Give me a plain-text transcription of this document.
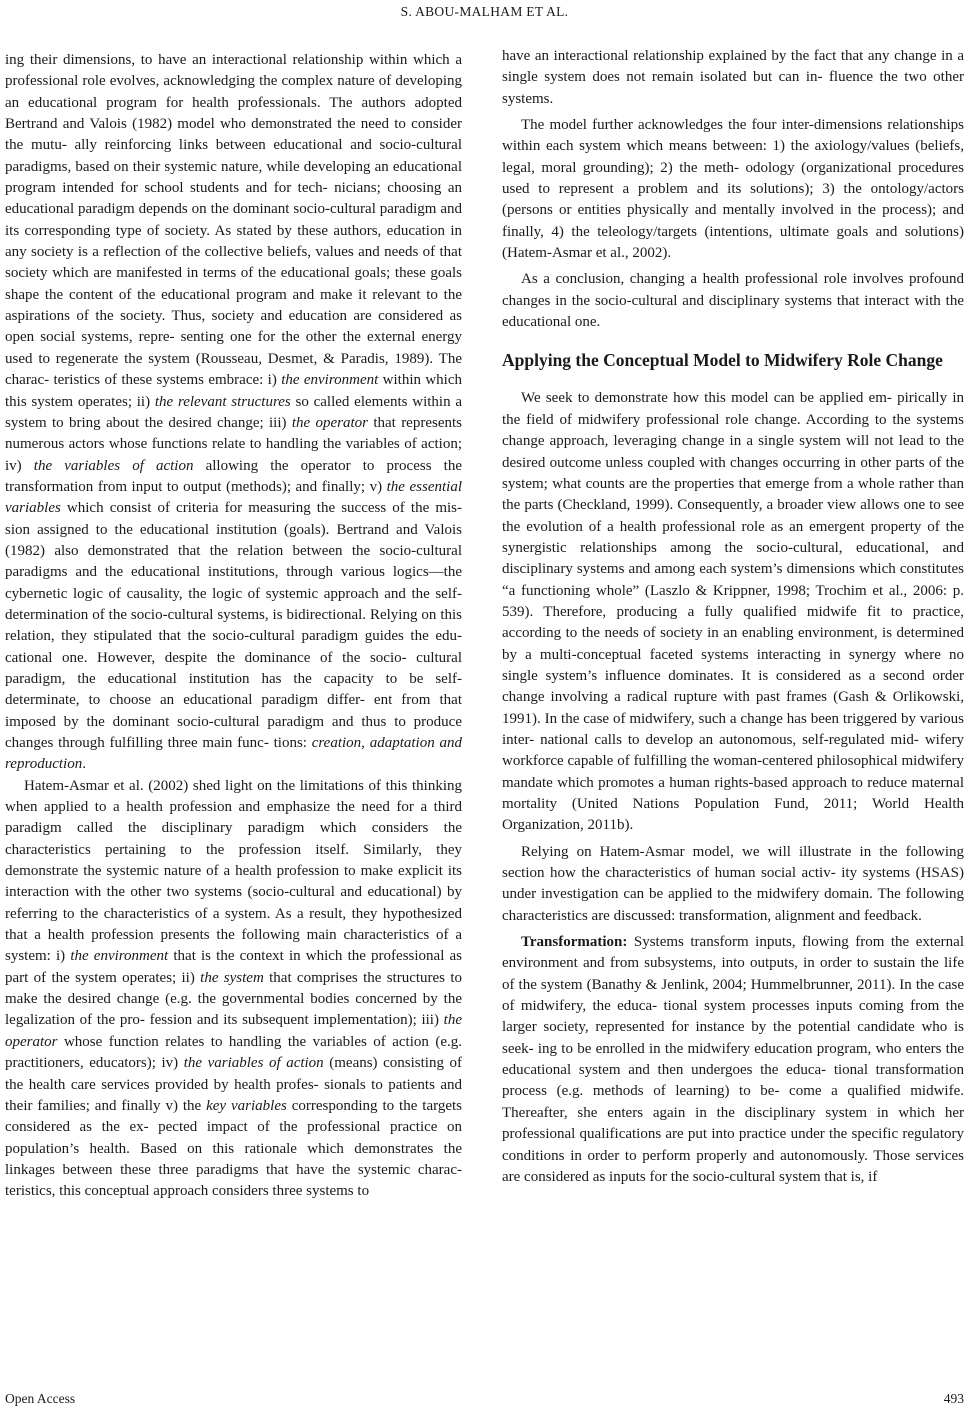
S. ABOU-MALHAM ET AL.

ing their dimensions, to have an interactional relationship within which a professional role evolves, acknowledging the complex nature of developing an educational program for health professionals. The authors adopted Bertrand and Valois (1982) model who demonstrated the need to consider the mutu- ally reinforcing links between educational and socio-cultural paradigms, based on their systemic nature, while developing an educational program intended for school students and for tech- nicians; choosing an educational paradigm depends on the dominant socio-cultural paradigm and its corresponding type of society. As stated by these authors, education in any society is a reflection of the collective beliefs, values and needs of that society which are manifested in terms of the educational goals; these goals shape the content of the educational program and make it relevant to the aspirations of the society. Thus, society and education are considered as open social systems, repre- senting one for the other the external energy used to regenerate the system (Rousseau, Desmet, & Paradis, 1989). The charac- teristics of these systems embrace: i) the environment within which this system operates; ii) the relevant structures so called elements within a system to bring about the desired change; iii) the operator that represents numerous actors whose functions relate to handling the variables of action; iv) the variables of action allowing the operator to process the transformation from input to output (methods); and finally; v) the essential variables which consist of criteria for measuring the success of the mis- sion assigned to the educational institution (goals). Bertrand and Valois (1982) also demonstrated that the relation between the socio-cultural paradigms and the educational institutions, through various logics—the cybernetic logic of causality, the logic of systemic approach and the self-determination of the socio-cultural systems, is bidirectional. Relying on this relation, they stipulated that the socio-cultural paradigm guides the edu- cational one. However, despite the dominance of the socio- cultural paradigm, the educational institution has the capacity to be self-determinate, to choose an educational paradigm differ- ent from that imposed by the dominant socio-cultural paradigm and thus to produce changes through fulfilling three main func- tions: creation, adaptation and reproduction.

Hatem-Asmar et al. (2002) shed light on the limitations of this thinking when applied to a health profession and emphasize the need for a third paradigm called the disciplinary paradigm which considers the characteristics pertaining to the profession itself. Similarly, they demonstrate the systemic nature of a health profession to make explicit its interaction with the other two systems (socio-cultural and educational) by referring to the characteristics of a system. As a result, they hypothesized that a health profession presents the following main characteristics of a system: i) the environment that is the context in which the professional as part of the system operates; ii) the system that comprises the structures to make the desired change (e.g. the governmental bodies concerned by the legalization of the pro- fession and its subsequent implementation); iii) the operator whose function relates to handling the variables of action (e.g. practitioners, educators); iv) the variables of action (means) consisting of the health care services provided by health profes- sionals to patients and their families; and finally v) the key variables corresponding to the targets considered as the ex- pected impact of the professional practice on population’s health. Based on this rationale which demonstrates the linkages between these three paradigms that have the systemic charac- teristics, this conceptual approach considers three systems to

have an interactional relationship explained by the fact that any change in a single system does not remain isolated but can in- fluence the two other systems.

The model further acknowledges the four inter-dimensions relationships within each system which means between: 1) the axiology/values (beliefs, legal, moral grounding); 2) the meth- odology (organizational procedures used to represent a problem and its solutions); 3) the ontology/actors (persons or entities physically and mentally involved in the process); and finally, 4) the teleology/targets (intentions, ultimate goals and solutions) (Hatem-Asmar et al., 2002).

As a conclusion, changing a health professional role involves profound changes in the socio-cultural and disciplinary systems that interact with the educational one.

Applying the Conceptual Model to Midwifery Role Change

We seek to demonstrate how this model can be applied em- pirically in the field of midwifery professional role change. According to the systems change approach, leveraging change in a single system will not lead to the desired outcome unless coupled with changes occurring in other parts of the system; what counts are the properties that emerge from a whole rather than the parts (Checkland, 1999). Consequently, a broader view allows one to see the evolution of a health professional role as an emergent property of the synergistic relationships among the socio-cultural, educational, and disciplinary systems and among each system’s dimensions which constitutes “a functioning whole” (Laszlo & Krippner, 1998; Trochim et al., 2006: p. 539). Therefore, producing a fully qualified midwife fit to practice, according to the needs of society in an enabling environment, is determined by a multi-conceptual faceted systems interacting in synergy where no single system’s influence dominates. It is considered as a second order change involving a radical rupture with past frames (Gash & Orlikowski, 1991). In the case of midwifery, such a change has been triggered by various inter- national calls to develop an autonomous, self-regulated mid- wifery workforce capable of fulfilling the woman-centered philosophical midwifery mandate which promotes a human rights-based approach to reduce maternal mortality (United Nations Population Fund, 2011; World Health Organization, 2011b).

Relying on Hatem-Asmar model, we will illustrate in the following section how the characteristics of human social activ- ity systems (HSAS) under investigation can be applied to the midwifery domain. The following characteristics are discussed: transformation, alignment and feedback.

Transformation: Systems transform inputs, flowing from the external environment and from subsystems, into outputs, in order to sustain the life of the system (Banathy & Jenlink, 2004; Hummelbrunner, 2011). In the case of midwifery, the educa- tional system processes inputs coming from the larger society, represented for instance by the potential candidate who is seek- ing to be enrolled in the midwifery education program, who enters the educational system and then undergoes the educa- tional transformation process (e.g. methods of learning) to be- come a qualified midwife. Thereafter, she enters again in the disciplinary system in which her professional qualifications are put into practice under the specific regulatory conditions in order to perform properly and autonomously. Those services are considered as inputs for the socio-cultural system that is, if

Open Access	493
